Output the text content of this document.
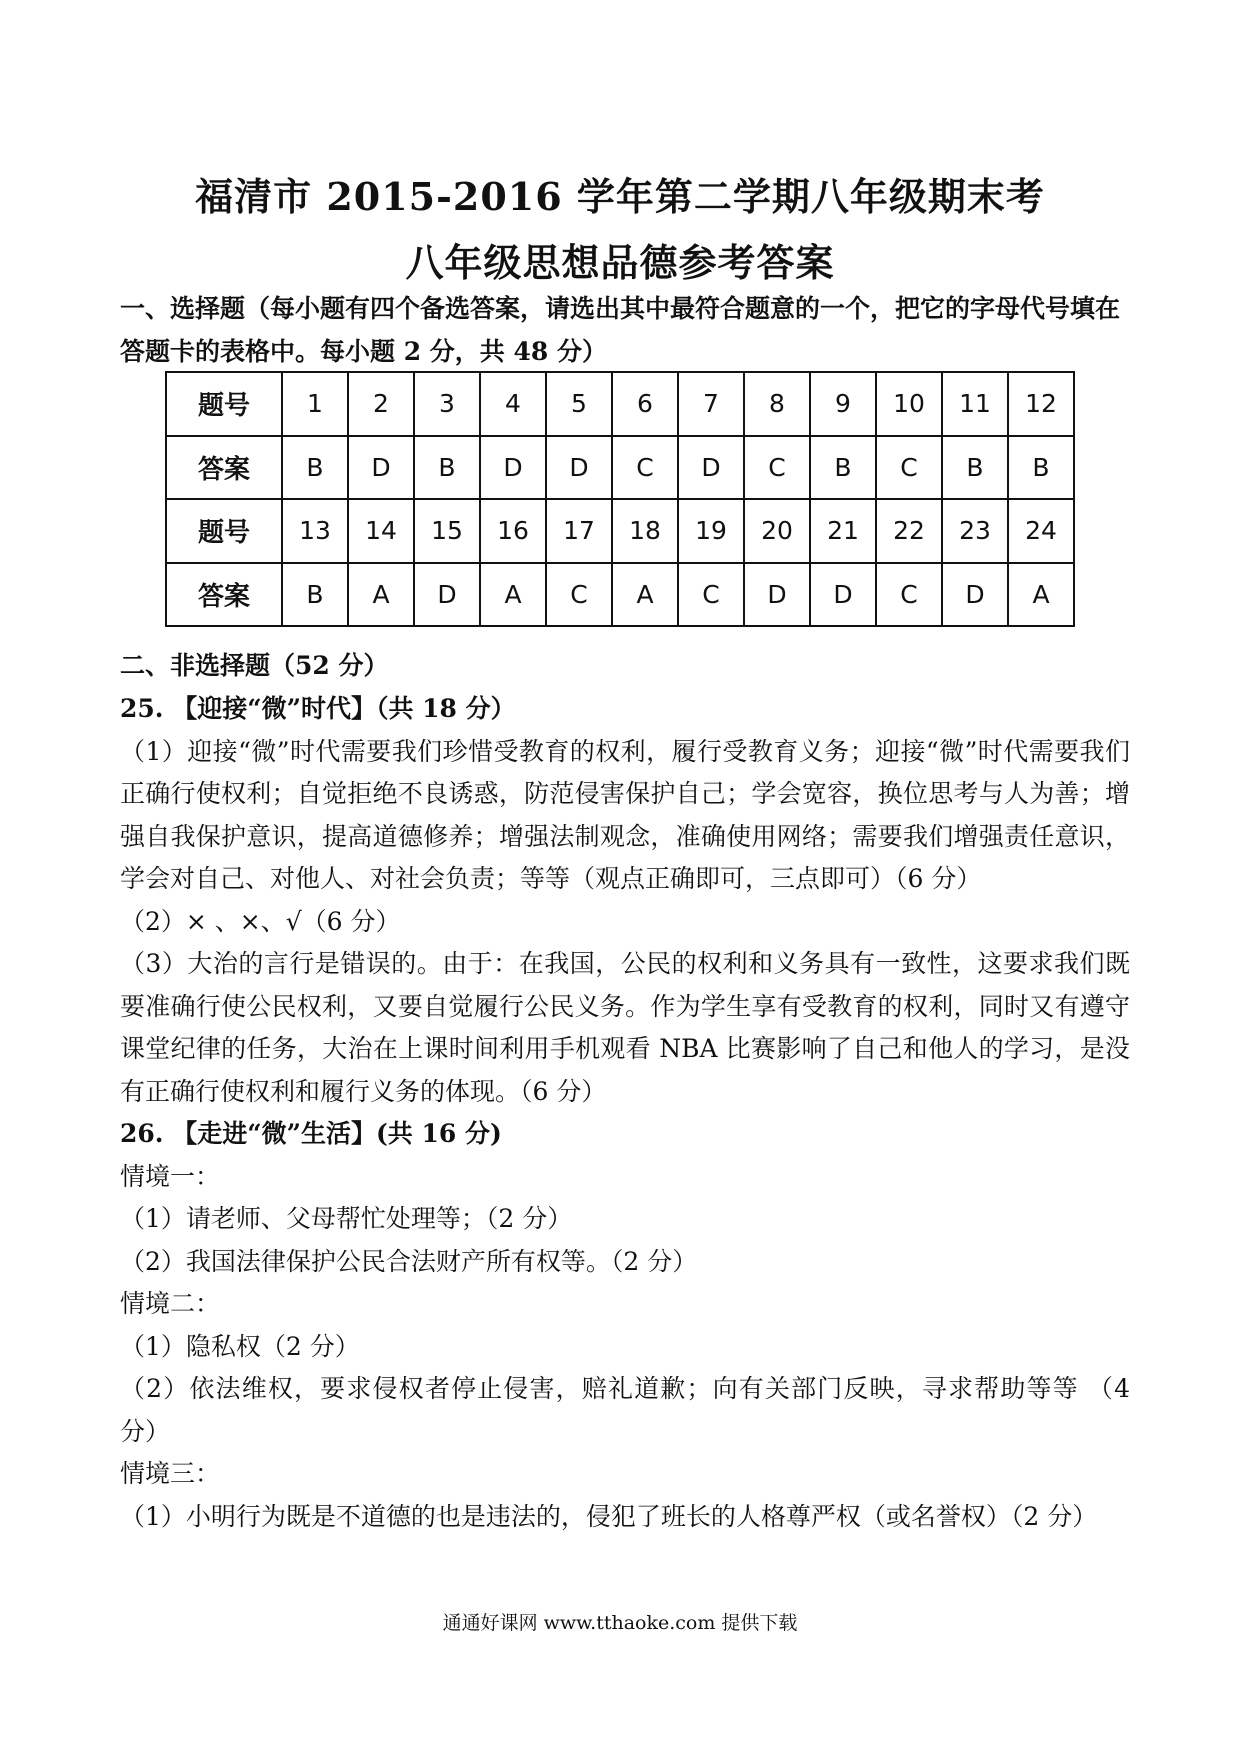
福清市 2015-2016 学年第二学期八年级期末考
八年级思想品德参考答案
一、选择题（每小题有四个备选答案，请选出其中最符合题意的一个，把它的字母代号填在答题卡的表格中。每小题 2 分，共 48 分）
题号	1	2	3	4	5	6	7	8	9	10	11	12
答案	B	D	B	D	D	C	D	C	B	C	B	B
题号	13	14	15	16	17	18	19	20	21	22	23	24
答案	B	A	D	A	C	A	C	D	D	C	D	A
二、非选择题（52 分）

25. 【迎接“微”时代】（共 18 分）

（1）迎接“微”时代需要我们珍惜受教育的权利，履行受教育义务；迎接“微”时代需要我们正确行使权利；自觉拒绝不良诱惑，防范侵害保护自己；学会宽容，换位思考与人为善；增强自我保护意识，提高道德修养；增强法制观念，准确使用网络；需要我们增强责任意识，学会对自己、对他人、对社会负责；等等（观点正确即可，三点即可）（6 分）

（2）× 、×、√（6 分）

（3）大治的言行是错误的。由于：在我国，公民的权利和义务具有一致性，这要求我们既要准确行使公民权利，又要自觉履行公民义务。作为学生享有受教育的权利，同时又有遵守课堂纪律的任务，大治在上课时间利用手机观看 NBA 比赛影响了自己和他人的学习，是没有正确行使权利和履行义务的体现。（6 分）

26. 【走进“微”生活】(共 16 分)

情境一：

（1）请老师、父母帮忙处理等；（2 分）

（2）我国法律保护公民合法财产所有权等。（2 分）

情境二：

（1）隐私权（2 分）

（2）依法维权，要求侵权者停止侵害，赔礼道歉；向有关部门反映，寻求帮助等等 （4 分）

情境三：

（1）小明行为既是不道德的也是违法的，侵犯了班长的人格尊严权（或名誉权）（2 分）

通通好课网 www.tthaoke.com 提供下载
